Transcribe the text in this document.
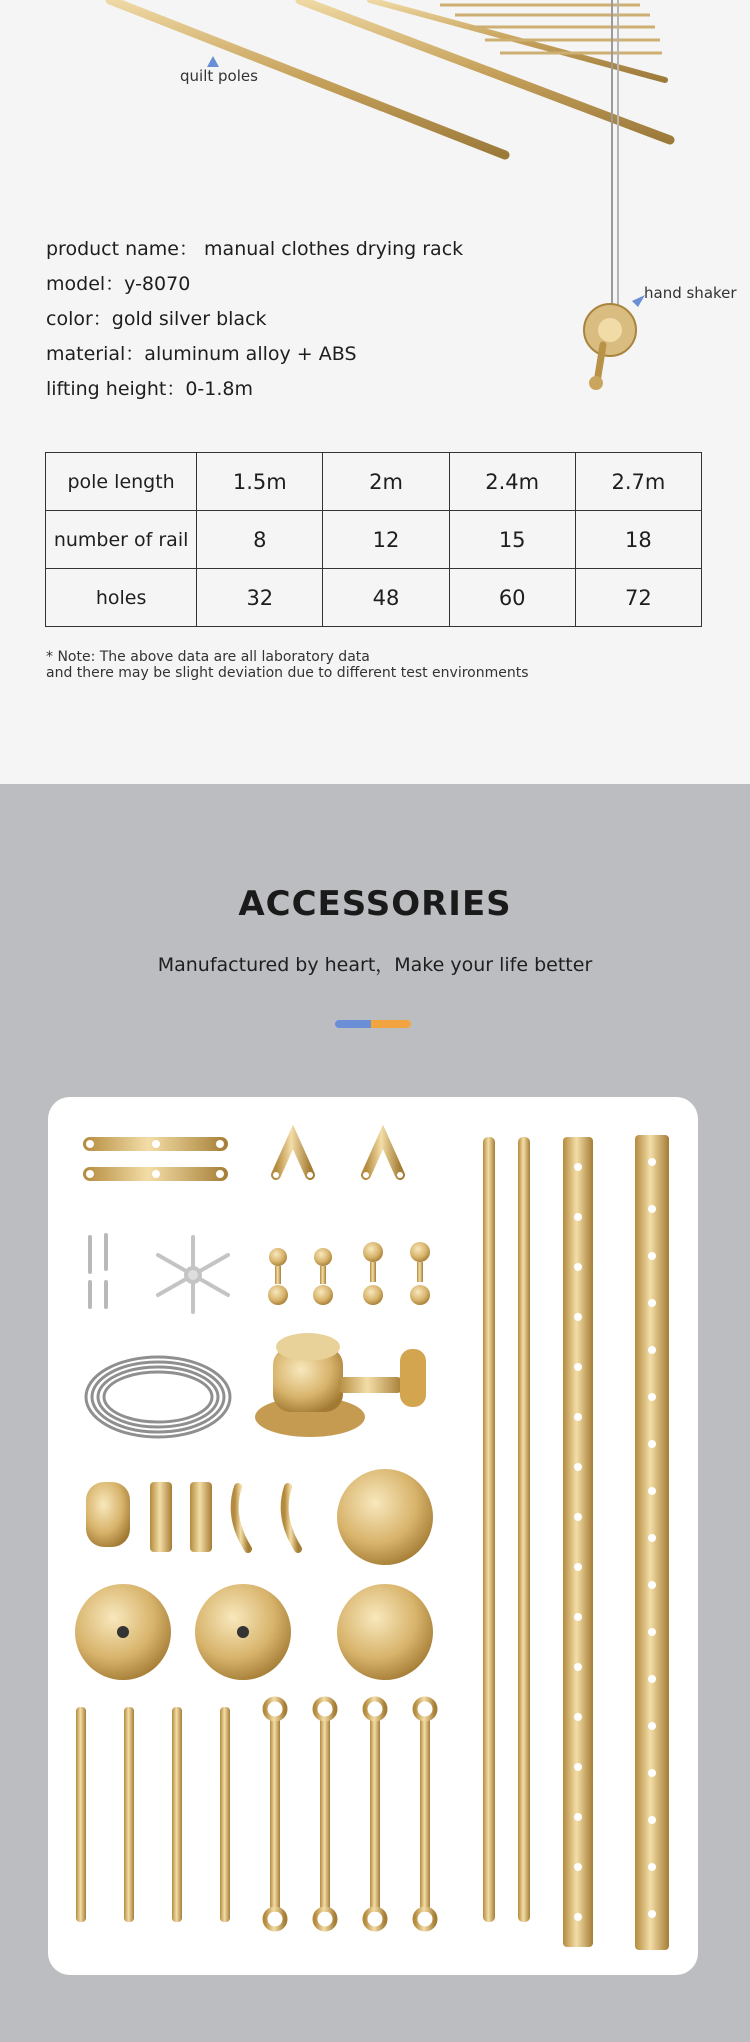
quilt poles
hand shaker
product name： manual clothes drying rack
model：y-8070
color：gold silver black
material：aluminum alloy + ABS
lifting height：0-1.8m
pole length	1.5m	2m	2.4m	2.7m
number of rail	8	12	15	18
holes	32	48	60	72
* Note: The above data are all laboratory data
and there may be slight deviation due to different test environments
ACCESSORIES
Manufactured by heart，Make your life better
